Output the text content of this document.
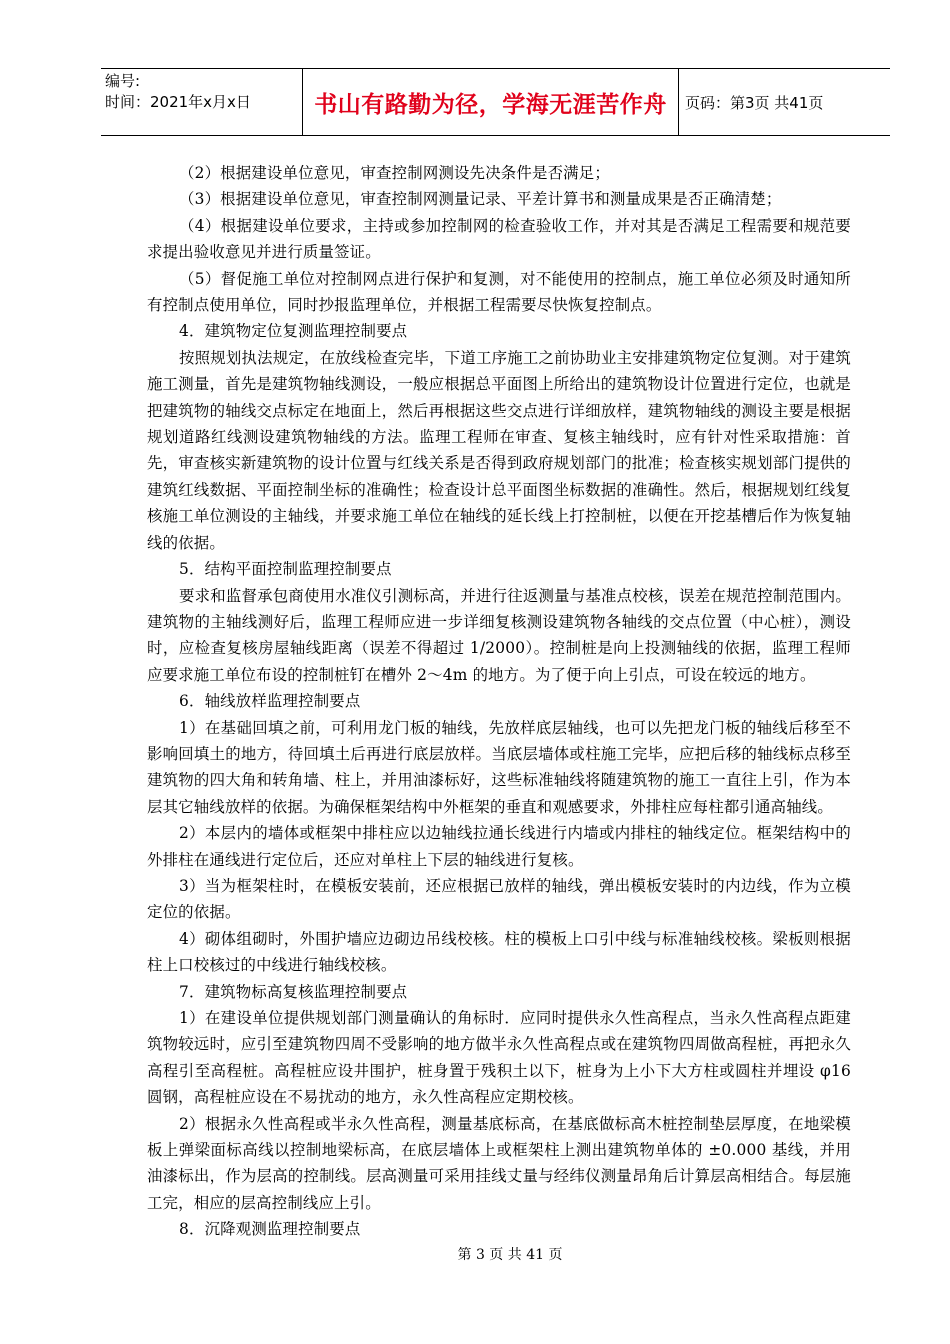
编号:
时间：2021年x月x日	书山有路勤为径，学海无涯苦作舟	页码：第3页 共41页

（2）根据建设单位意见，审查控制网测设先决条件是否满足；

（3）根据建设单位意见，审查控制网测量记录、平差计算书和测量成果是否正确清楚；

（4）根据建设单位要求，主持或参加控制网的检查验收工作，并对其是否满足工程需要和规范要求提出验收意见并进行质量签证。

（5）督促施工单位对控制网点进行保护和复测，对不能使用的控制点，施工单位必须及时通知所有控制点使用单位，同时抄报监理单位，并根据工程需要尽快恢复控制点。

4．建筑物定位复测监理控制要点

按照规划执法规定，在放线检查完毕，下道工序施工之前协助业主安排建筑物定位复测。对于建筑施工测量，首先是建筑物轴线测设，一般应根据总平面图上所给出的建筑物设计位置进行定位，也就是把建筑物的轴线交点标定在地面上，然后再根据这些交点进行详细放样，建筑物轴线的测设主要是根据规划道路红线测设建筑物轴线的方法。监理工程师在审查、复核主轴线时，应有针对性采取措施：首先，审查核实新建筑物的设计位置与红线关系是否得到政府规划部门的批准；检查核实规划部门提供的建筑红线数据、平面控制坐标的准确性；检查设计总平面图坐标数据的准确性。然后，根据规划红线复核施工单位测设的主轴线，并要求施工单位在轴线的延长线上打控制桩，以便在开挖基槽后作为恢复轴线的依据。

5．结构平面控制监理控制要点

要求和监督承包商使用水准仪引测标高，并进行往返测量与基准点校核，误差在规范控制范围内。建筑物的主轴线测好后，监理工程师应进一步详细复核测设建筑物各轴线的交点位置（中心桩），测设时，应检查复核房屋轴线距离（误差不得超过 1/2000）。控制桩是向上投测轴线的依据，监理工程师应要求施工单位布设的控制桩钉在槽外 2～4m 的地方。为了便于向上引点，可设在较远的地方。

6．轴线放样监理控制要点

1）在基础回填之前，可利用龙门板的轴线，先放样底层轴线，也可以先把龙门板的轴线后移至不影响回填土的地方，待回填土后再进行底层放样。当底层墙体或柱施工完毕，应把后移的轴线标点移至建筑物的四大角和转角墙、柱上，并用油漆标好，这些标准轴线将随建筑物的施工一直往上引，作为本层其它轴线放样的依据。为确保框架结构中外框架的垂直和观感要求，外排柱应每柱都引通高轴线。

2）本层内的墙体或框架中排柱应以边轴线拉通长线进行内墙或内排柱的轴线定位。框架结构中的外排柱在通线进行定位后，还应对单柱上下层的轴线进行复核。

3）当为框架柱时，在模板安装前，还应根据已放样的轴线，弹出模板安装时的内边线，作为立模定位的依据。

4）砌体组砌时，外围护墙应边砌边吊线校核。柱的模板上口引中线与标准轴线校核。梁板则根据柱上口校核过的中线进行轴线校核。

7．建筑物标高复核监理控制要点

1）在建设单位提供规划部门测量确认的角标时．应同时提供永久性高程点，当永久性高程点距建筑物较远时，应引至建筑物四周不受影响的地方做半永久性高程点或在建筑物四周做高程桩，再把永久高程引至高程桩。高程桩应设井围护，桩身置于残积土以下，桩身为上小下大方柱或圆柱并埋设 φ16 圆钢，高程桩应设在不易扰动的地方，永久性高程应定期校核。

2）根据永久性高程或半永久性高程，测量基底标高，在基底做标高木桩控制垫层厚度，在地梁模板上弹梁面标高线以控制地梁标高，在底层墙体上或框架柱上测出建筑物单体的 ±0.000 基线，并用油漆标出，作为层高的控制线。层高测量可采用挂线丈量与经纬仪测量昂角后计算层高相结合。每层施工完，相应的层高控制线应上引。

8．沉降观测监理控制要点

第 3 页 共 41 页
